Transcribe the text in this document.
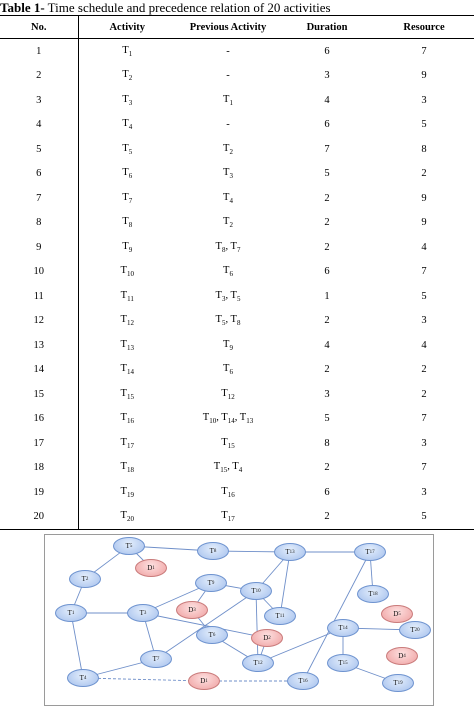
Table 1- Time schedule and precedence relation of 20 activities
No.	Activity	Previous Activity	Duration	Resource
1	$T_1$	-	6	7
2	$T_2$	-	3	9
3	$T_3$	$T_1$	4	3
4	$T_4$	-	6	5
5	$T_5$	$T_2$	7	8
6	$T_6$	$T_3$	5	2
7	$T_7$	$T_4$	2	9
8	$T_8$	$T_2$	2	9
9	$T_9$	$T_8$, $T_7$	2	4
10	$T_{10}$	$T_6$	6	7
11	$T_{11}$	$T_3$, $T_5$	1	5
12	$T_{12}$	$T_5$, $T_8$	2	3
13	$T_{13}$	$T_9$	4	4
14	$T_{14}$	$T_6$	2	2
15	$T_{15}$	$T_{12}$	3	2
16	$T_{16}$	$T_{10}$, $T_{14}$, $T_{13}$	5	7
17	$T_{17}$	$T_{15}$	8	3
18	$T_{18}$	$T_{15}$, $T_4$	2	7
19	$T_{19}$	$T_{16}$	6	3
20	$T_{20}$	$T_{17}$	2	5
T 5
T 8	T 13	T 17
T 2
D 1
T 9
T 10	T 18
T 1	T 3	D 3
T 11	D 5
T 14	T 20
T 6	D 2
T 7	T 12
D 4
T 15
T 4	D 1	T 16	T 19
